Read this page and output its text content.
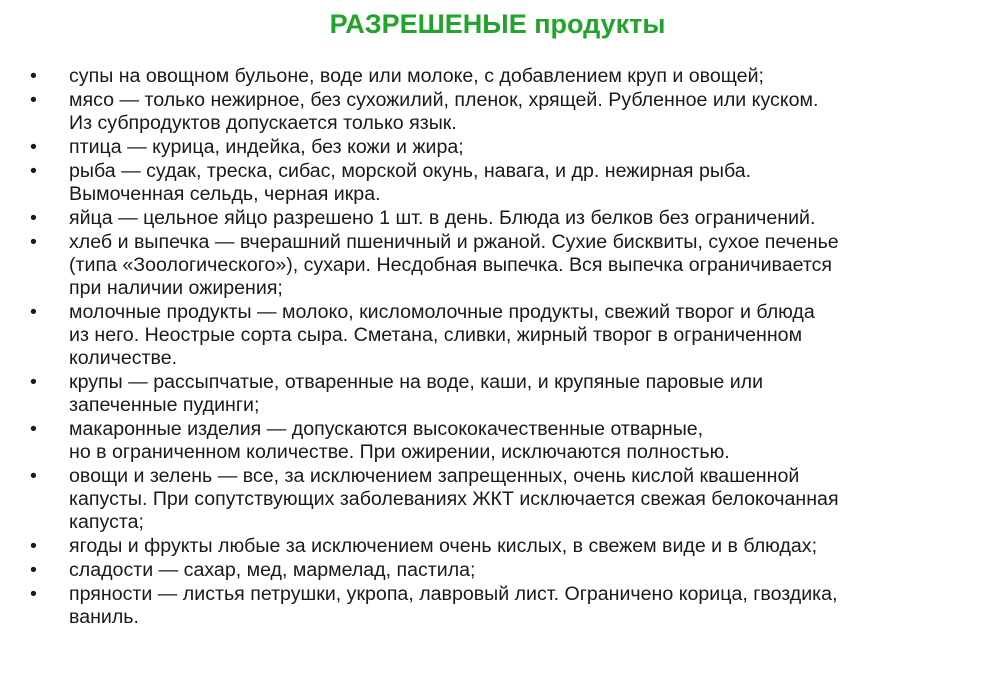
РАЗРЕШЕНЫЕ продукты
• супы на овощном бульоне, воде или молоке, с добавлением круп и овощей;
• мясо — только нежирное, без сухожилий, пленок, хрящей. Рубленное или куском.
Из субпродуктов допускается только язык.
• птица — курица, индейка, без кожи и жира;
• рыба — судак, треска, сибас, морской окунь, навага, и др. нежирная рыба.
Вымоченная сельдь, черная икра.
• яйца — цельное яйцо разрешено 1 шт. в день. Блюда из белков без ограничений.
• хлеб и выпечка — вчерашний пшеничный и ржаной. Сухие бисквиты, сухое печенье
(типа «Зоологического»), сухари. Несдобная выпечка. Вся выпечка ограничивается
при наличии ожирения;
• молочные продукты — молоко, кисломолочные продукты, свежий творог и блюда
из него. Неострые сорта сыра. Сметана, сливки, жирный творог в ограниченном
количестве.
• крупы — рассыпчатые, отваренные на воде, каши, и крупяные паровые или
запеченные пудинги;
• макаронные изделия — допускаются высококачественные отварные,
но в ограниченном количестве. При ожирении, исключаются полностью.
• овощи и зелень — все, за исключением запрещенных, очень кислой квашенной
капусты. При сопутствующих заболеваниях ЖКТ исключается свежая белокочанная
капуста;
• ягоды и фрукты любые за исключением очень кислых, в свежем виде и в блюдах;
• сладости — сахар, мед, мармелад, пастила;
• пряности — листья петрушки, укропа, лавровый лист. Ограничено корица, гвоздика,
ваниль.
